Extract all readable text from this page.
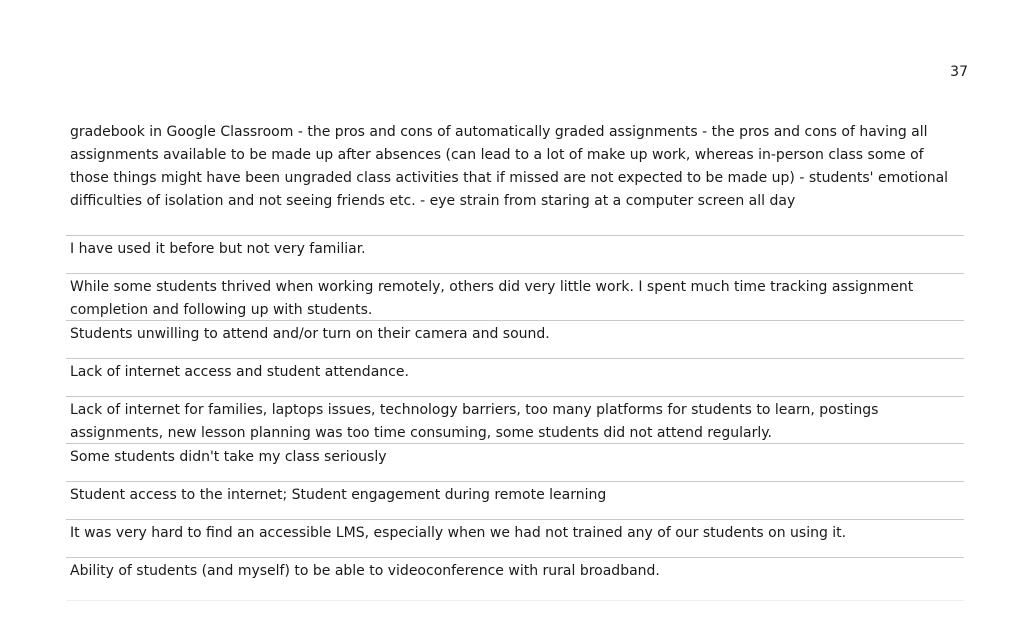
37
gradebook in Google Classroom - the pros and cons of automatically graded assignments - the pros and cons of having all assignments available to be made up after absences (can lead to a lot of make up work, whereas in-person class some of those things might have been ungraded class activities that if missed are not expected to be made up) - students' emotional difficulties of isolation and not seeing friends etc. - eye strain from staring at a computer screen all day
I have used it before but not very familiar.
While some students thrived when working remotely, others did very little work. I spent much time tracking assignment completion and following up with students.
Students unwilling to attend and/or turn on their camera and sound.
Lack of internet access and student attendance.
Lack of internet for families, laptops issues, technology barriers, too many platforms for students to learn, postings assignments, new lesson planning was too time consuming, some students did not attend regularly.
Some students didn't take my class seriously
Student access to the internet; Student engagement during remote learning
It was very hard to find an accessible LMS, especially when we had not trained any of our students on using it.
Ability of students (and myself) to be able to videoconference with rural broadband.
